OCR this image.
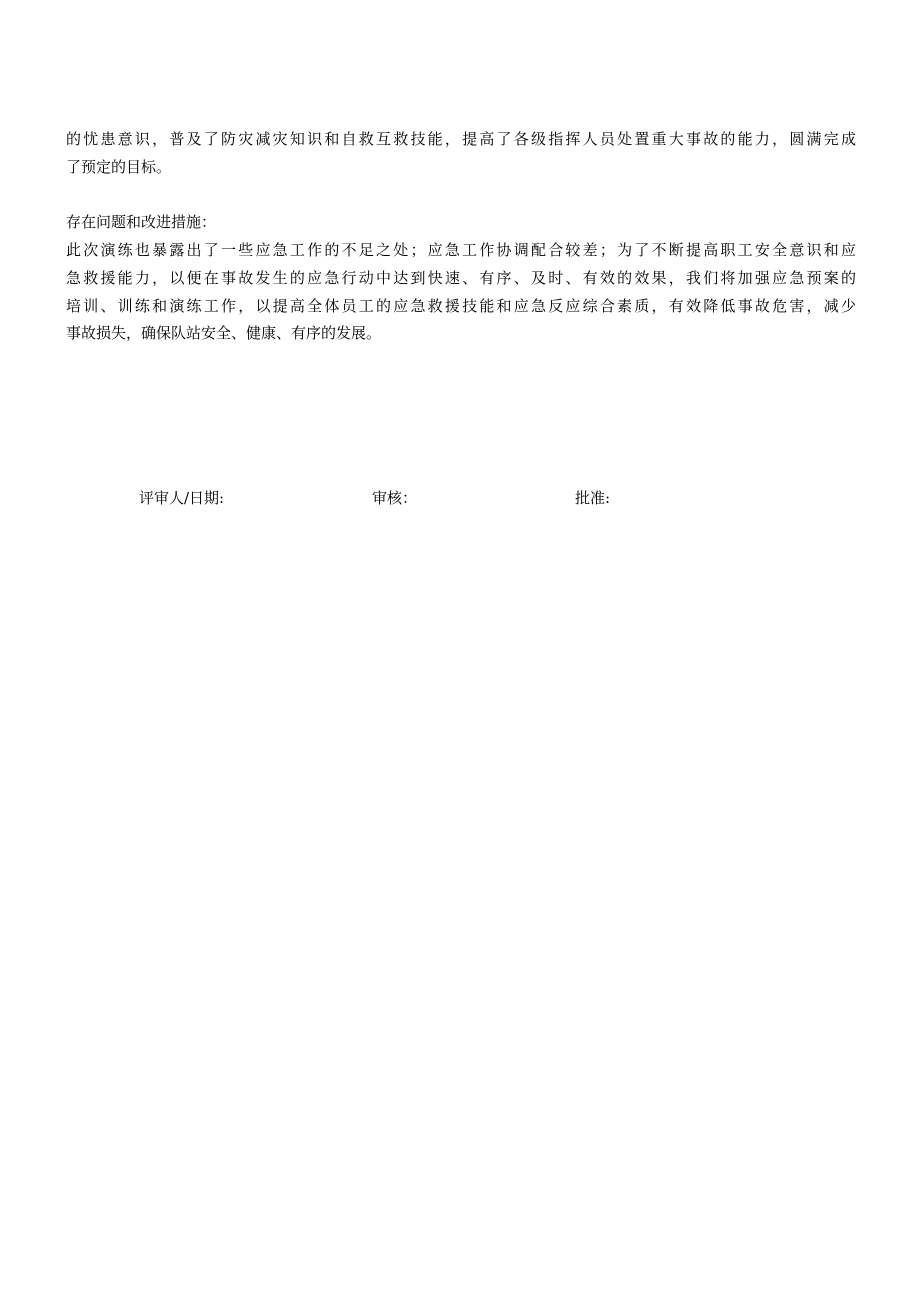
的忧患意识，普及了防灾减灾知识和自救互救技能，提高了各级指挥人员处置重大事故的能力，圆满完成
了预定的目标。
存在问题和改进措施：
此次演练也暴露出了一些应急工作的不足之处；应急工作协调配合较差；为了不断提高职工安全意识和应
急救援能力，以便在事故发生的应急行动中达到快速、有序、及时、有效的效果，我们将加强应急预案的
培训、训练和演练工作，以提高全体员工的应急救援技能和应急反应综合素质，有效降低事故危害，减少
事故损失，确保队站安全、健康、有序的发展。
评审人/日期:	审核：	批准:
